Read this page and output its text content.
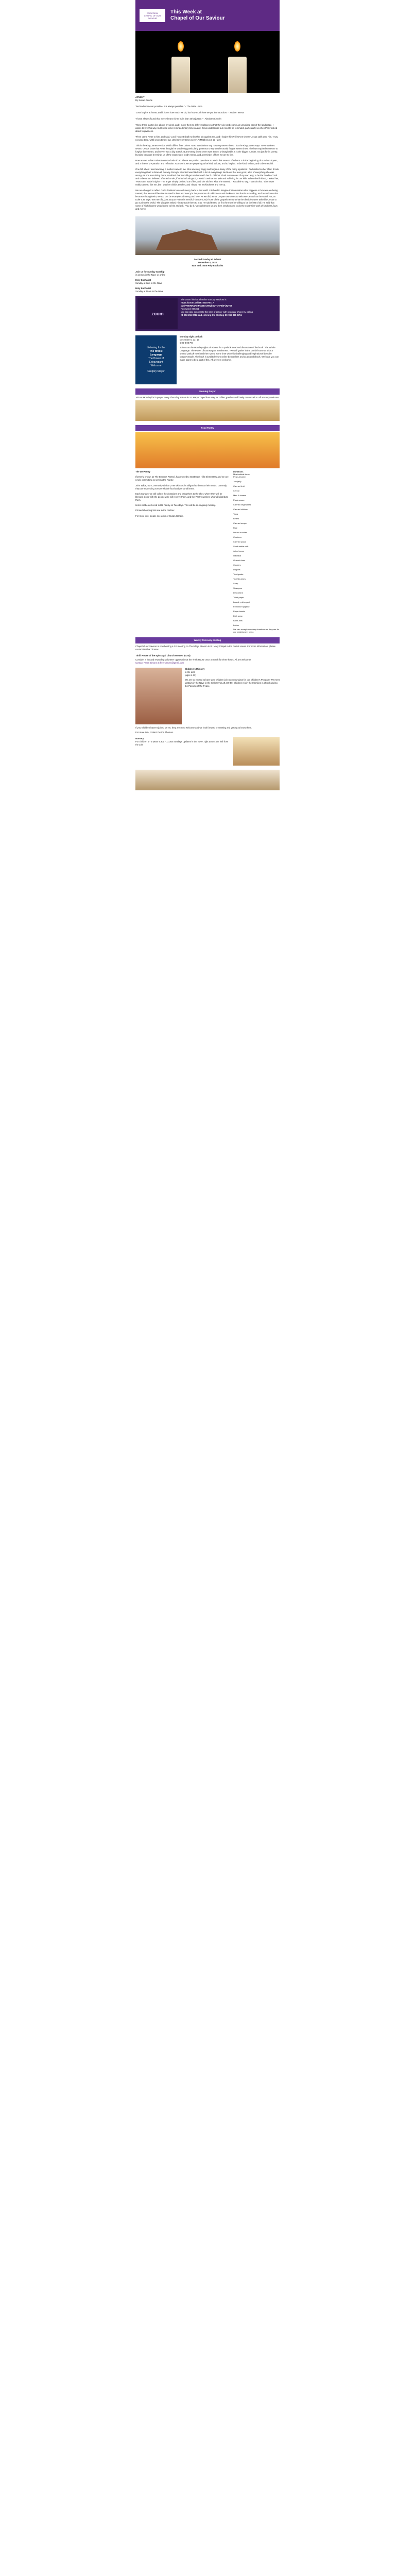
EPISCOPAL
CHAPEL OF OUR SAVIOUR
This Week at
Chapel of Our Saviour
ADVENT
By Susan Ganzie
"Be kind whenever possible. It is always possible." - The Dalai Lama
"Love begins at home, and it is not how much we do, but how much love we put in that action." - Mother Teresa
"I have always found that mercy bears richer fruits than strict justice." - Abraham Lincoln

These three quotes live above my desk, and I move them to different places so that they do not become an unnoticed part of the landscape. I aspire to live this way, but I need to be reminded many times a day. Jesus understood our need to be reminded, particularly so when Peter asked about forgiveness.

"Then came Peter to him, and said, 'Lord, how oft shall my brother sin against me, and I forgive him? till seven times?' Jesus saith unto him, 'I say not unto thee, Until seven times: but, Until seventy times seven.'" (Matthew 18: 21 - 22.)

This is the King James version which differs from others. Most translations say "seventy-seven times," but the King James says "seventy times seven." Jesus knew that Peter thought he was being particularly generous to say that he would forgive seven times. The law required someone to forgive three times, and seven was a big stretch. But seventy times seven was almost unimaginable. It is the bigger number, not just for its poetry, but also because it reminds us of the vastness of God's mercy, and a reminder of how we are to live.

How are we to live? What does God ask of us? These are perfect questions to ask in this season of Advent. It is the beginning of our church year, and a time of preparation and reflection. As I see it, we are preparing to be kind, to love, and to forgive. To be kind, to love, and to be merciful.

One fall when I was teaching, a mother came to me. She was very angry and began a litany of the many injustices I had visited on her child. It took everything I had to listen all the way through. My mind was filled with a list of everything I had done that was good, a list of everything she was wrong. As she was sitting there, I realized that I would get nowhere with her if I did that. I had to move out of my own way, to be the hands of God and to be what I believed. If I tried to win, if I tried to look good, I would continue the pain and suffering for our kids. When she finished, I asked her, "How can I make it right?" The anger simply drained out of her, and she told me what she wanted. I was able to say, "I can do that." She never really came to like me, but I was her child's teacher, and I loved her my kindness and mercy.

We are charged to reflect God's limitless love and mercy back to the world. It is hard to imagine that no matter what happens or how we are being treated, that we could be able to stand in love and mercy in the presence of unkindness and darkness. But that is our calling, and Jesus knew that because through Him, we too can be examples of mercy and love. As we did, as we prepare ourselves to welcome Jesus into the world. For, as Luke 6:36 says: “Be merciful, just as your Father is merciful.” (Luke 6:36) Those of the gospels recount that the disciples were asked by Jesus to go out into the world. The disciples asked Him to teach them to pray. He said that to be first he must be willing to be the last of all. He said that some of his followers would come to him and ask, "You do it," Jesus blesses us and then sends us out to do the expansive work of kindness, love, and mercy.

Second Sunday of Advent
December 4, 2022
8am and 10am Holy Eucharist
Join us for Sunday worship
in person in the Nave or online
Holy Eucharist
Sunday at 8am in the Nave
Holy Eucharist
Sunday at 10am in the Nave
zoom
The Zoom link for all online Sunday services is
https://zoom.us/j/96732197571?
pwd=WERRgRmFwaBOcWtybSpYcHF3bFlJQT09
Password: 866351
You can also connect to this time of prayer with a regular phone by calling
+1 253 215 8782 and entering the Meeting ID: 967 321 9751
Listening for the
The Whole
Language
The Power of
Extravagant
Welcome
Gregory Mayor
Monday night potluck
December 5, 12, 19
6:00-8:00 PM
Join us on the Monday nights of Advent for a potluck meal and discussion of the book "The Whole Language: The Power of Extravagant Tenderness." We will gather in the parish house at 6 for a shared potluck meal and then spend some time with this challenging and inspirational book by Gregory Boyle. The book is available from online booksellers and as an audiobook. We hope you can make plans to be a part of this. All are very welcome.
Morning Prayer
Join us Monday for in prayer every Thursday at 8am in St. Mary Chapel then stay for coffee, goodies and lovely conversation. All are very welcome.
Food Pantry
The D2 Pantry

(formerly known as The B Street Pantry), has moved to Strathearn Hills Elementary and we are newly committing to serving the Pantry.

John Wilde, our Community Liaison, met with Sechs Billgard to discuss their needs. Currently, they are requesting non-perishable food and personal items.

Each Sunday, we will collect the donations and bring them to the after, where they will be blessed along with the people who will receive them, and the Pantry workers who will distribute them.

Items will be delivered to D2 Pantry on Tuesdays. This will be an ongoing ministry.

Printed shopping lists are in the narthex.

For more info: please see John or Susan Ganzie.

Donations
Most critical items:
Peanut butter
Jam/jelly
Canned fruit
Cereal
Mac & cheese
Pasta sauce
Canned vegetables
Canned chicken
Tuna
Beans
Canned soups
Rice
Instant noodles
Crackers
Canned pasta
Shelf-stable milk
Juice boxes
Oatmeal
Granola bars
Cookies
Diapers
Toothpaste
Toothbrushes
Soap
Shampoo
Deodorant
Toilet paper
Laundry detergent
Feminine hygiene
Paper towels
Dish soap
Band-aids
Lotion
We can accept monetary donations as they are for our neighbors in need.
Weekly Recovery Meeting
Chapel of our Saviour is now hosting a CA meeting on Thursdays at noon in St. Mary Chapel in the Parish House. For more information, please contact DeSha Thomas.
Thrift House of the Episcopal Church Women (ECW)
Consider a fun and rewarding volunteer opportunity at the Thrift House once a month for three hours. All are welcome!
Contact Freer Simons at freersimons@gmail.com
Children's Ministry
in the Loft
(ages 4-12)
We are so excited to have your children join us on Sundays for our Children's Program! We meet upstairs in the Nave in the Children's Loft at 9:50. Children rejoin their families in church during the Passing of the Peace.
If your children haven't joined us yet, they are most welcome and we look forward to meeting and getting to know them.
For more info, contact DeSha Thomas.
Nursery
For children 0 - 3 years 9:30a - 11:30a Sundays Updates in the Nave, right across the hall from the Loft
